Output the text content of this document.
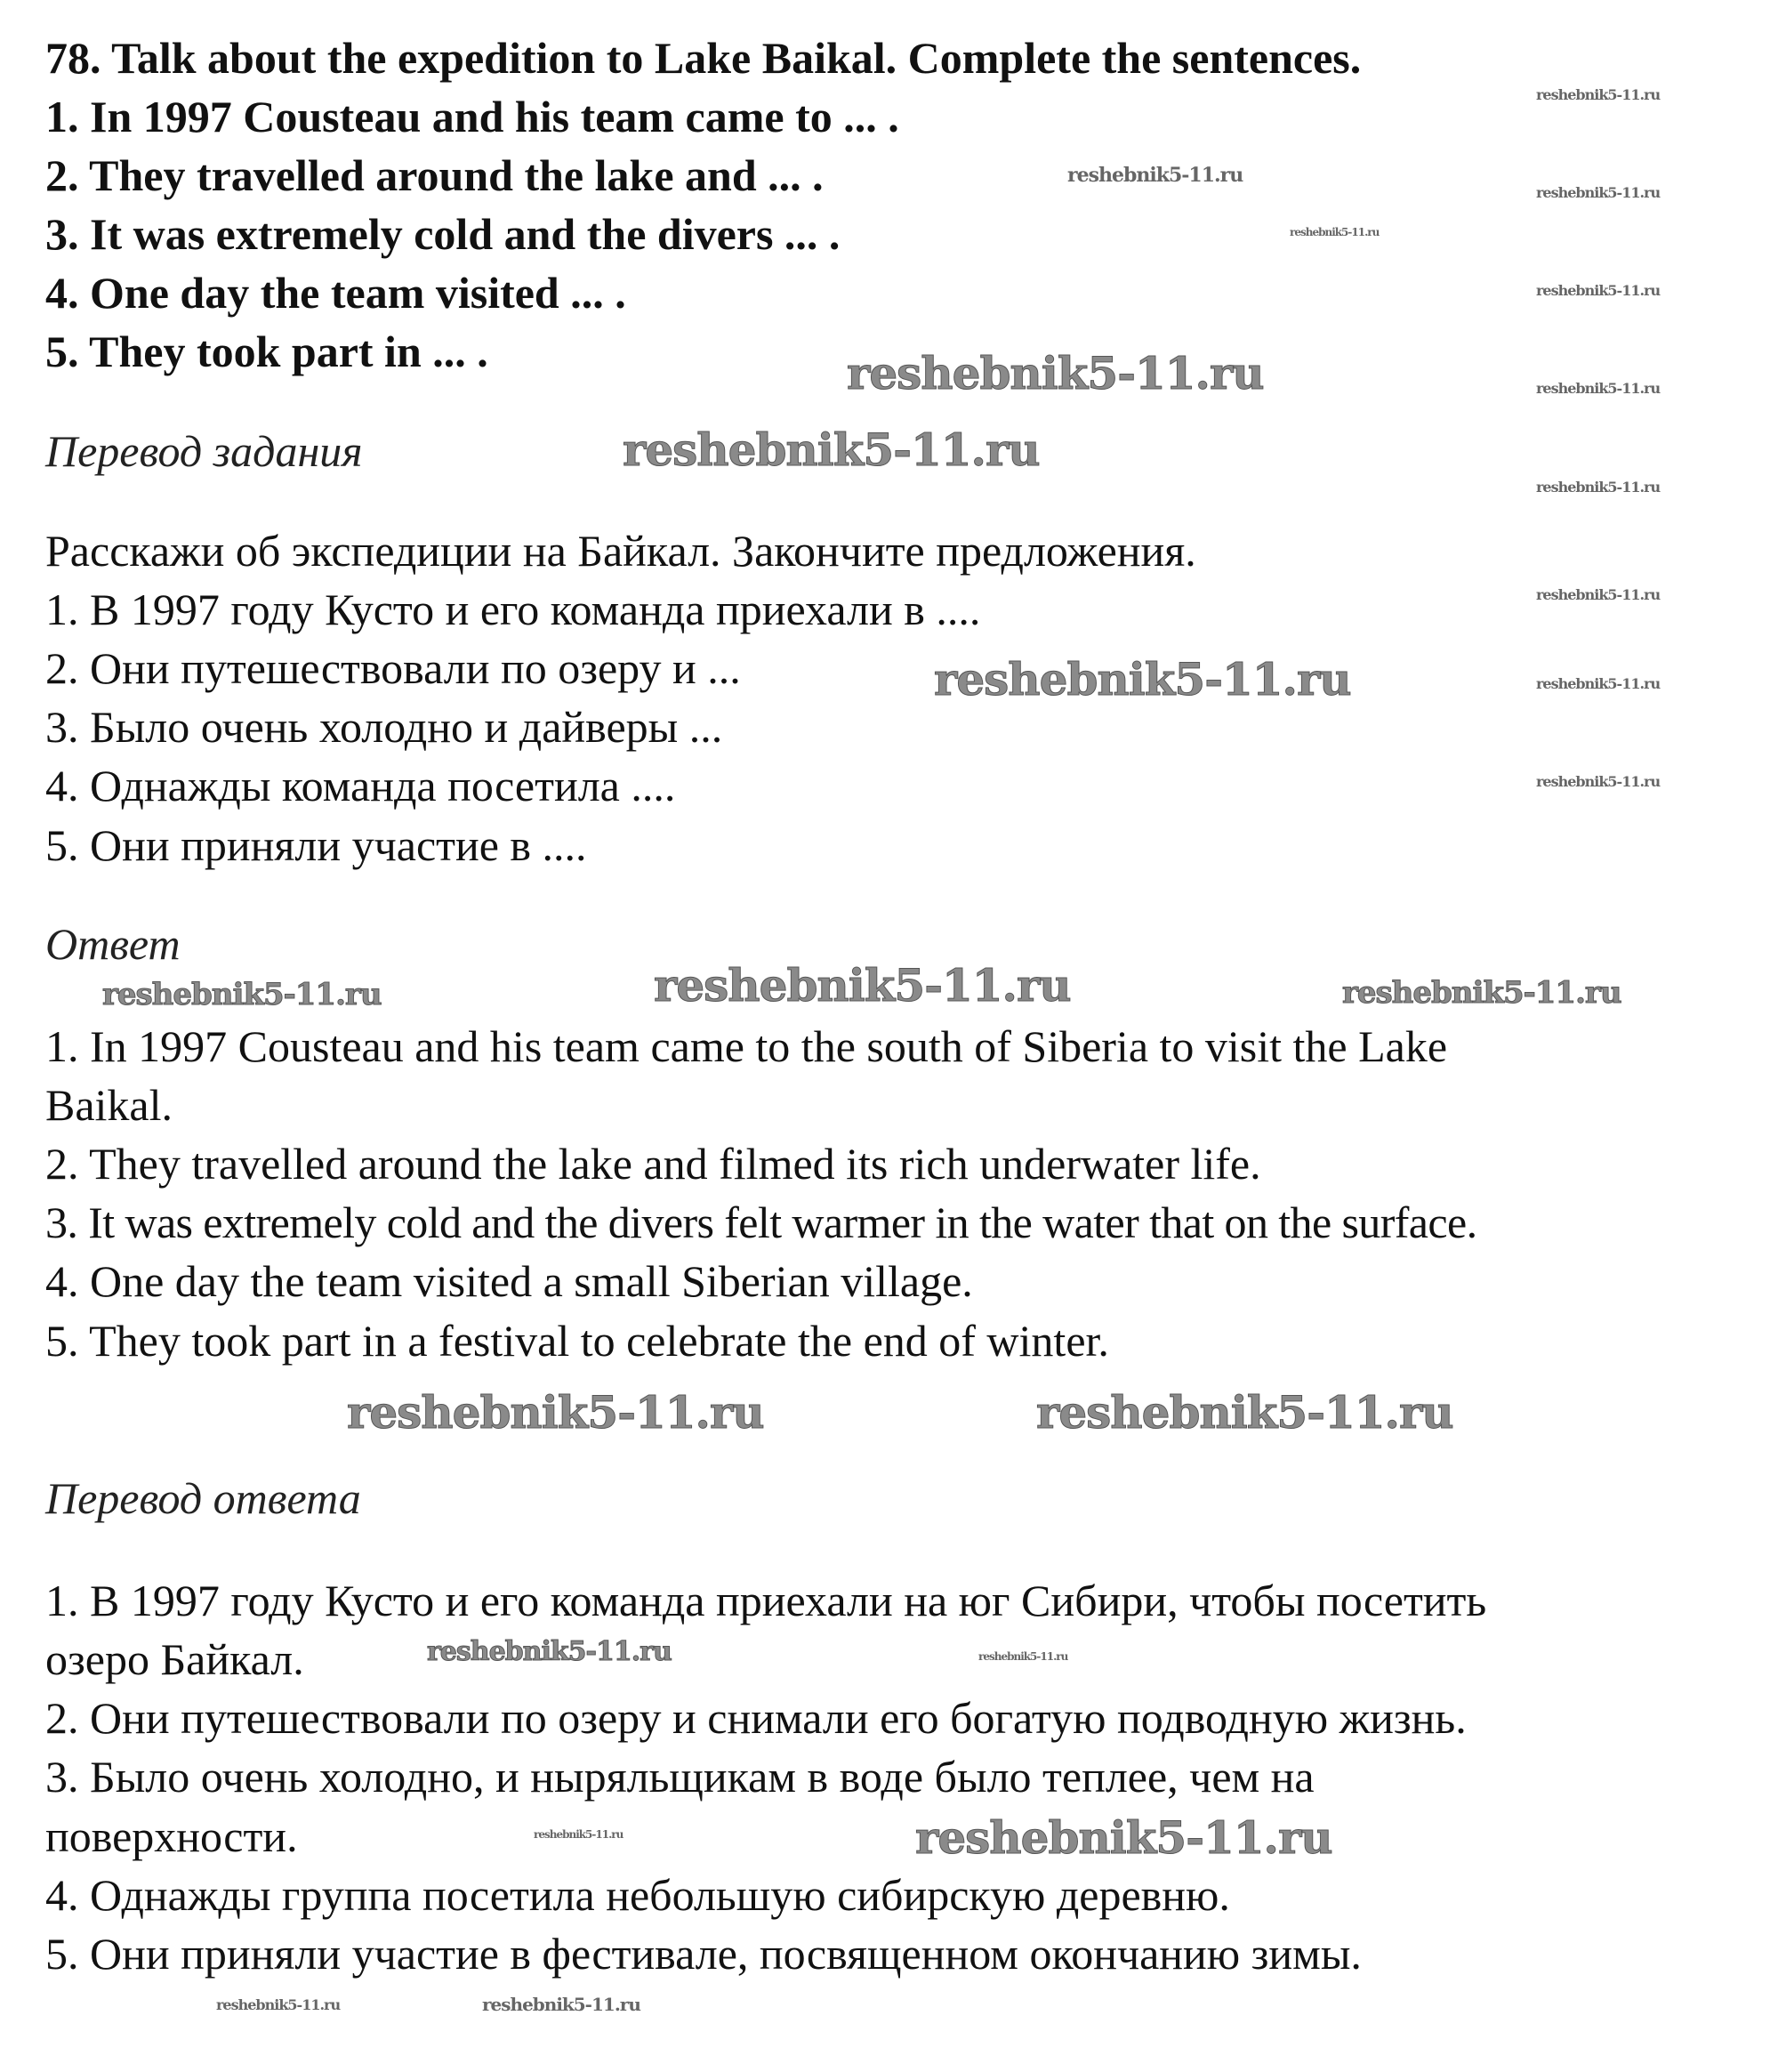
reshebnik5-11.ru
reshebnik5-11.ru
reshebnik5-11.ru
reshebnik5-11.ru
reshebnik5-11.ru
reshebnik5-11.ru
reshebnik5-11.ru
reshebnik5-11.ru
reshebnik5-11.ru
reshebnik5-11.ru
reshebnik5-11.ru
reshebnik5-11.ru
reshebnik5-11.ru
reshebnik5-11.ru
reshebnik5-11.ru	reshebnik5-11.ru
reshebnik5-11.ru	reshebnik5-11.ru
reshebnik5-11.ru
reshebnik5-11.ru
reshebnik5-11.ru
reshebnik5-11.ru
reshebnik5-11.ru	reshebnik5-11.ru
78. Talk about the expedition to Lake Baikal. Complete the sentences.
1. In 1997 Cousteau and his team came to ... .
2. They travelled around the lake and ... .
3. It was extremely cold and the divers ... .
4. One day the team visited ... .
5. They took part in ... .
Перевод задания
Расскажи об экспедиции на Байкал. Закончите предложения.
1. В 1997 году Кусто и его команда приехали в ....
2. Они путешествовали по озеру и ...
3. Было очень холодно и дайверы ...
4. Однажды команда посетила ....
5. Они приняли участие в ....
Ответ
1. In 1997 Cousteau and his team came to the south of Siberia to visit the Lake
Baikal.
2. They travelled around the lake and filmed its rich underwater life.
3. It was extremely cold and the divers felt warmer in the water that on the surface.
4. One day the team visited a small Siberian village.
5. They took part in a festival to celebrate the end of winter.
Перевод ответа
1. В 1997 году Кусто и его команда приехали на юг Сибири, чтобы посетить
озеро Байкал.
2. Они путешествовали по озеру и снимали его богатую подводную жизнь.
3. Было очень холодно, и ныряльщикам в воде было теплее, чем на
поверхности.
4. Однажды группа посетила небольшую сибирскую деревню.
5. Они приняли участие в фестивале, посвященном окончанию зимы.
